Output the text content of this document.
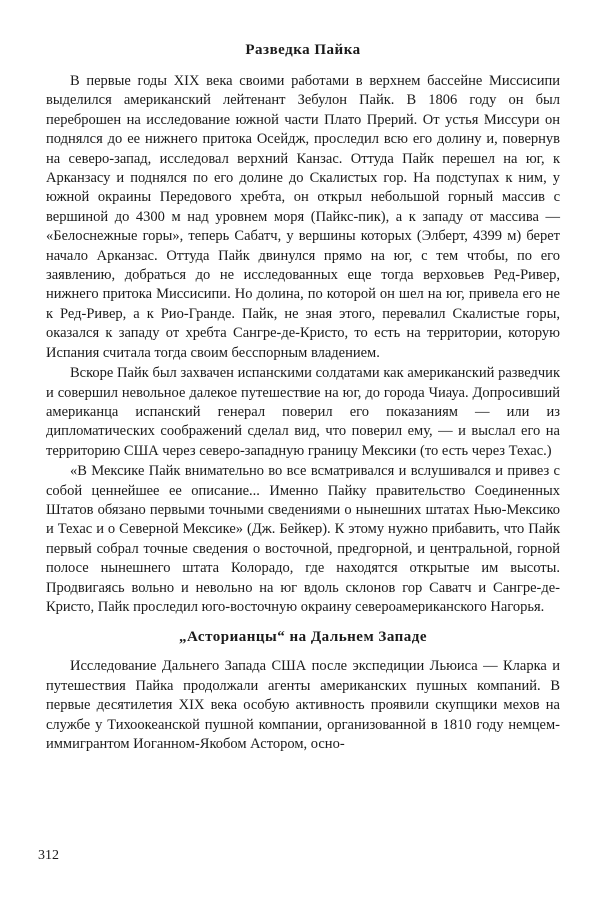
Разведка Пайка

В первые годы XIX века своими работами в верхнем бассейне Миссисипи выделился американский лейтенант Зебулон Пайк. В 1806 году он был переброшен на исследование южной части Плато Прерий. От устья Миссури он поднялся до ее нижнего притока Осейдж, проследил всю его долину и, повернув на северо-запад, исследовал верхний Канзас. Оттуда Пайк перешел на юг, к Арканзасу и поднялся по его долине до Скалистых гор. На подступах к ним, у южной окраины Передового хребта, он открыл небольшой горный массив с вершиной до 4300 м над уровнем моря (Пайкс-пик), а к западу от массива — «Белоснежные горы», теперь Сабатч, у вершины которых (Элберт, 4399 м) берет начало Арканзас. Оттуда Пайк двинулся прямо на юг, с тем чтобы, по его заявлению, добраться до не исследованных еще тогда верховьев Ред-Ривер, нижнего притока Миссисипи. Но долина, по которой он шел на юг, привела его не к Ред-Ривер, а к Рио-Гранде. Пайк, не зная этого, перевалил Скалистые горы, оказался к западу от хребта Сангре-де-Кристо, то есть на территории, которую Испания считала тогда своим бесспорным владением.

Вскоре Пайк был захвачен испанскими солдатами как американский разведчик и совершил невольное далекое путешествие на юг, до города Чиауа. Допросивший американца испанский генерал поверил его показаниям — или из дипломатических соображений сделал вид, что поверил ему, — и выслал его на территорию США через северо-западную границу Мексики (то есть через Техас.)

«В Мексике Пайк внимательно во все всматривался и вслушивался и привез с собой ценнейшее ее описание... Именно Пайку правительство Соединенных Штатов обязано первыми точными сведениями о нынешних штатах Нью-Мексико и Техас и о Северной Мексике» (Дж. Бейкер). К этому нужно прибавить, что Пайк первый собрал точные сведения о восточной, предгорной, и центральной, горной полосе нынешнего штата Колорадо, где находятся открытые им высоты. Продвигаясь вольно и невольно на юг вдоль склонов гор Саватч и Сангре-де-Кристо, Пайк проследил юго-восточную окраину североамериканского Нагорья.

„Асторианцы“ на Дальнем Западе

Исследование Дальнего Запада США после экспедиции Льюиса — Кларка и путешествия Пайка продолжали агенты американских пушных компаний. В первые десятилетия XIX века особую активность проявили скупщики мехов на службе у Тихоокеанской пушной компании, организованной в 1810 году немцем-иммигрантом Иоганном-Якобом Астором, осно-

312
